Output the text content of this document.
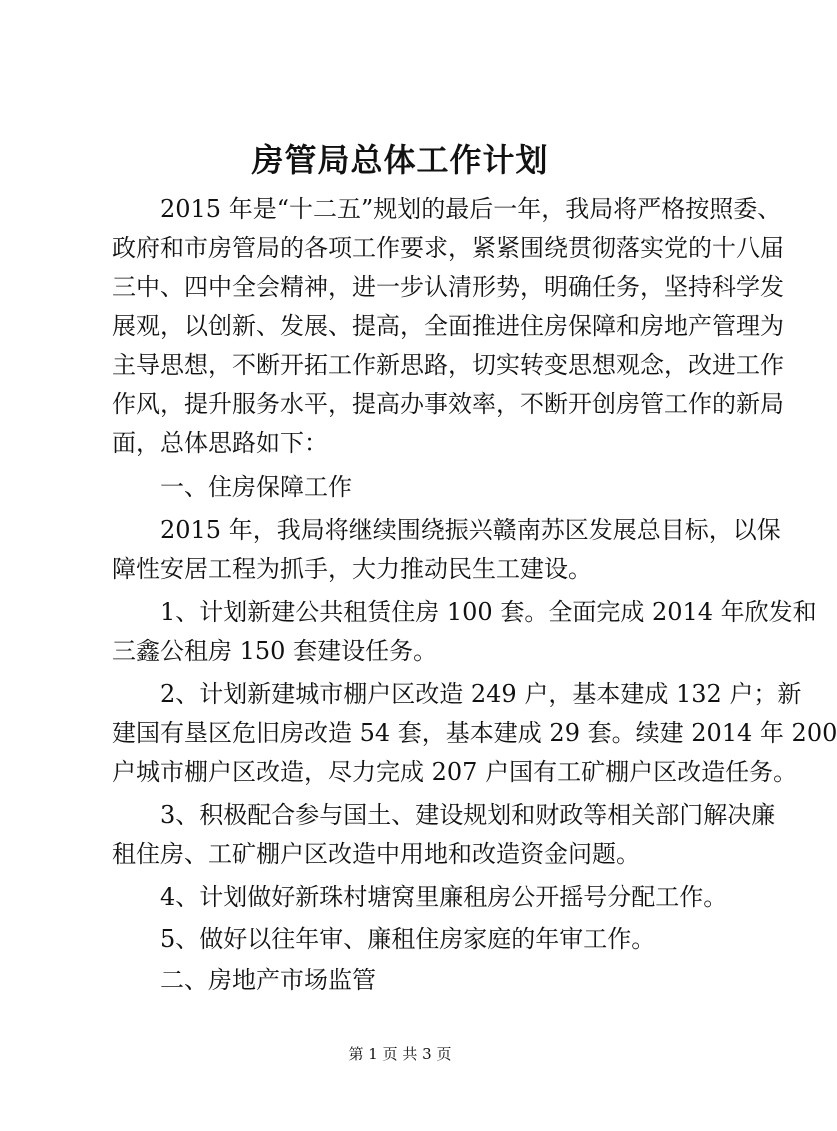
房管局总体工作计划
2015 年是“十二五”规划的最后一年，我局将严格按照委、
政府和市房管局的各项工作要求，紧紧围绕贯彻落实党的十八届
三中、四中全会精神，进一步认清形势，明确任务，坚持科学发
展观，以创新、发展、提高，全面推进住房保障和房地产管理为
主导思想，不断开拓工作新思路，切实转变思想观念，改进工作
作风，提升服务水平，提高办事效率，不断开创房管工作的新局
面，总体思路如下：
一、住房保障工作
2015 年，我局将继续围绕振兴赣南苏区发展总目标，以保
障性安居工程为抓手，大力推动民生工建设。
1、计划新建公共租赁住房 100 套。全面完成 2014 年欣发和
三鑫公租房 150 套建设任务。
2、计划新建城市棚户区改造 249 户，基本建成 132 户；新
建国有垦区危旧房改造 54 套，基本建成 29 套。续建 2014 年 200
户城市棚户区改造，尽力完成 207 户国有工矿棚户区改造任务。
3、积极配合参与国土、建设规划和财政等相关部门解决廉
租住房、工矿棚户区改造中用地和改造资金问题。
4、计划做好新珠村塘窝里廉租房公开摇号分配工作。
5、做好以往年审、廉租住房家庭的年审工作。
二、房地产市场监管
第 1 页 共 3 页
